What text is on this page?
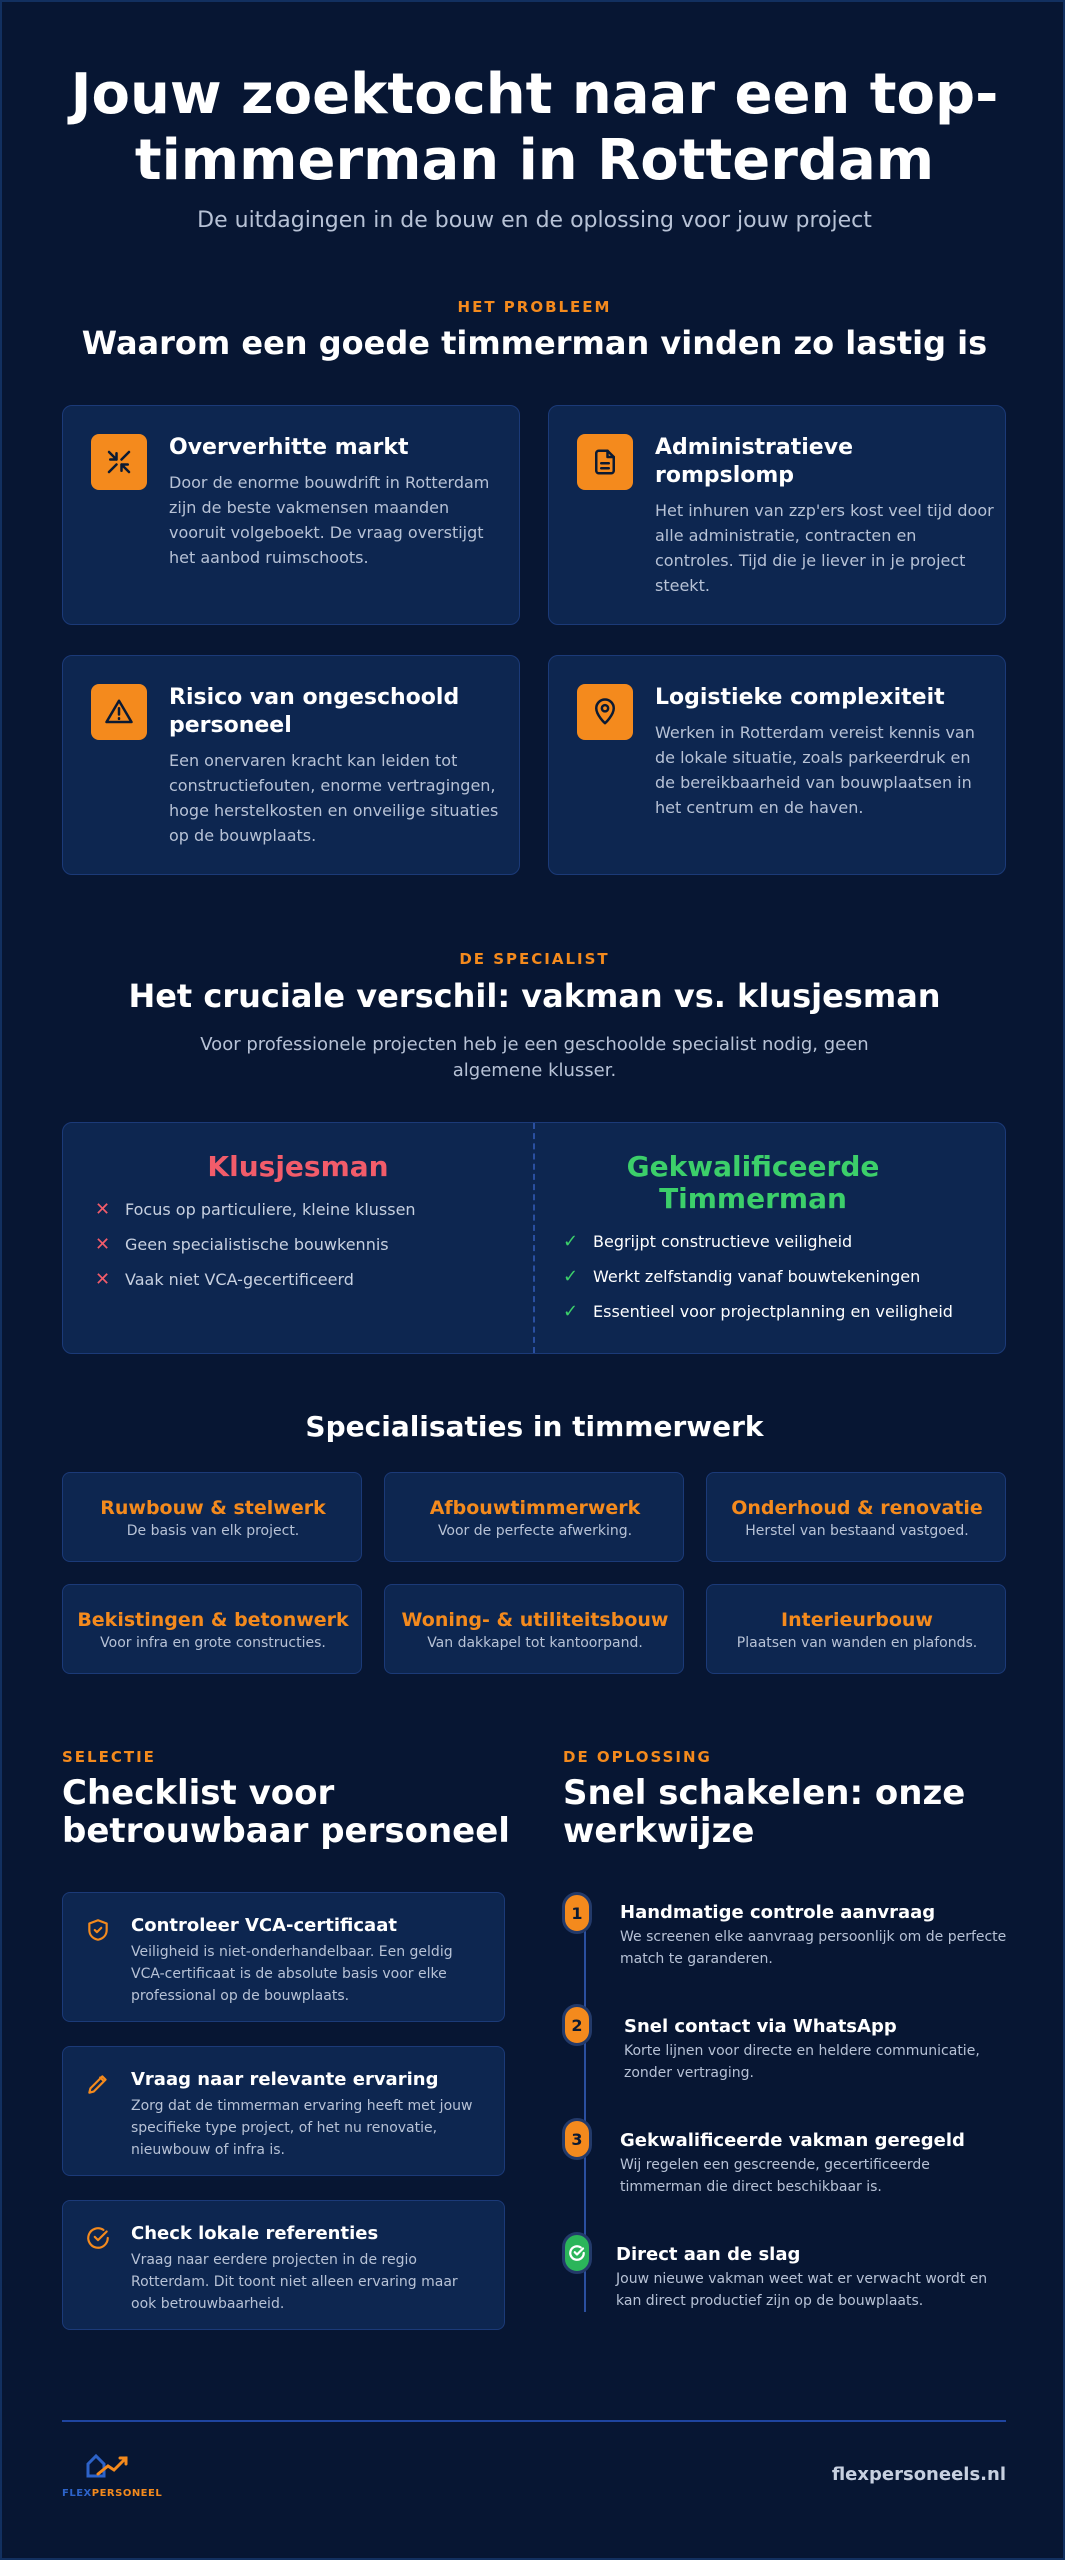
Jouw zoektocht naar een top-
timmerman in Rotterdam
De uitdagingen in de bouw en de oplossing voor jouw project
HET PROBLEEM
Waarom een goede timmerman vinden zo lastig is
Oververhitte markt
Door de enorme bouwdrift in Rotterdam zijn de beste vakmensen maanden vooruit volgeboekt. De vraag overstijgt het aanbod ruimschoots.
Administratieve rompslomp
Het inhuren van zzp'ers kost veel tijd door alle administratie, contracten en controles. Tijd die je liever in je project steekt.
Risico van ongeschoold personeel
Een onervaren kracht kan leiden tot constructiefouten, enorme vertragingen, hoge herstelkosten en onveilige situaties op de bouwplaats.
Logistieke complexiteit
Werken in Rotterdam vereist kennis van de lokale situatie, zoals parkeerdruk en de bereikbaarheid van bouwplaatsen in het centrum en de haven.
DE SPECIALIST
Het cruciale verschil: vakman vs. klusjesman
Voor professionele projecten heb je een geschoolde specialist nodig, geen algemene klusser.
Klusjesman
✕ Focus op particuliere, kleine klussen
✕ Geen specialistische bouwkennis
✕ Vaak niet VCA-gecertificeerd
Gekwalificeerde Timmerman
✓ Begrijpt constructieve veiligheid
✓ Werkt zelfstandig vanaf bouwtekeningen
✓ Essentieel voor projectplanning en veiligheid
Specialisaties in timmerwerk
Ruwbouw & stelwerk
De basis van elk project.
Afbouwtimmerwerk
Voor de perfecte afwerking.
Onderhoud & renovatie
Herstel van bestaand vastgoed.
Bekistingen & betonwerk
Voor infra en grote constructies.
Woning- & utiliteitsbouw
Van dakkapel tot kantoorpand.
Interieurbouw
Plaatsen van wanden en plafonds.
SELECTIE
Checklist voor
betrouwbaar personeel
Controleer VCA-certificaat
Veiligheid is niet-onderhandelbaar. Een geldig VCA-certificaat is de absolute basis voor elke professional op de bouwplaats.
Vraag naar relevante ervaring
Zorg dat de timmerman ervaring heeft met jouw specifieke type project, of het nu renovatie, nieuwbouw of infra is.
Check lokale referenties
Vraag naar eerdere projecten in de regio Rotterdam. Dit toont niet alleen ervaring maar ook betrouwbaarheid.
DE OPLOSSING
Snel schakelen: onze
werkwijze
1	Handmatige controle aanvraag
We screenen elke aanvraag persoonlijk om de perfecte match te garanderen.
2	Snel contact via WhatsApp
Korte lijnen voor directe en heldere communicatie, zonder vertraging.
3	Gekwalificeerde vakman geregeld
Wij regelen een gescreende, gecertificeerde timmerman die direct beschikbaar is.
Direct aan de slag
Jouw nieuwe vakman weet wat er verwacht wordt en kan direct productief zijn op de bouwplaats.
FLEXPERSONEEL
flexpersoneels.nl
